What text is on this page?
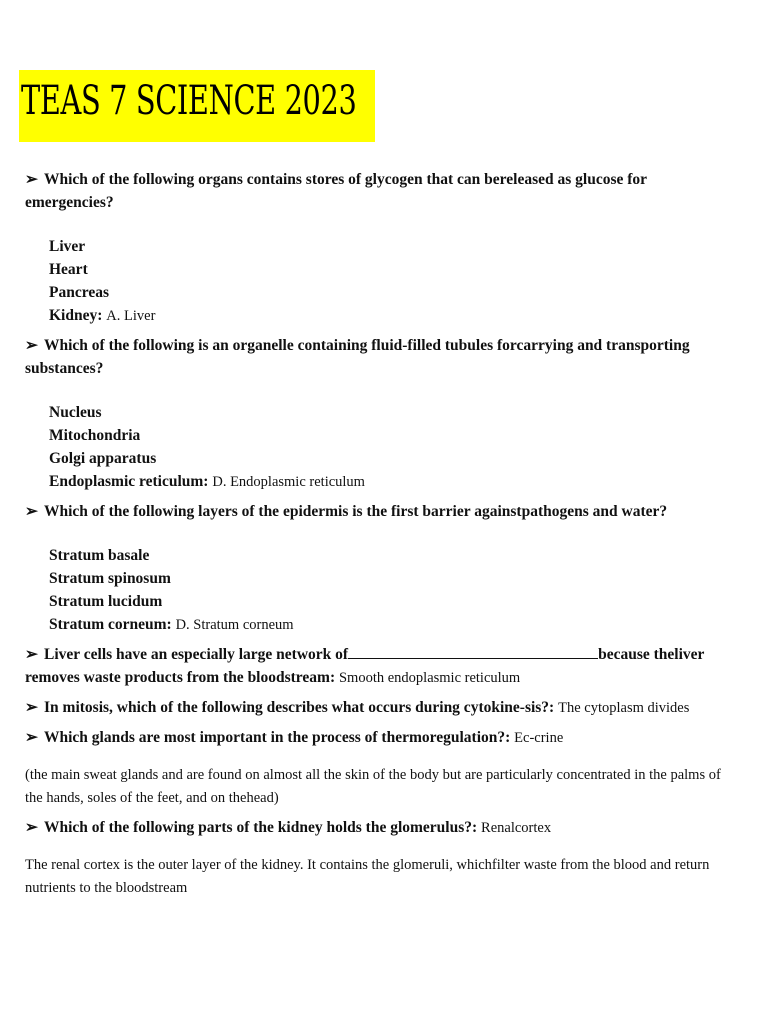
TEAS 7 SCIENCE 2023

➢ Which of the following organs contains stores of glycogen that can bereleased as glucose for emergencies?

Liver
Heart
Pancreas
Kidney: A. Liver

➢ Which of the following is an organelle containing fluid-filled tubules forcarrying and transporting substances?

Nucleus
Mitochondria
Golgi apparatus
Endoplasmic reticulum: D. Endoplasmic reticulum

➢ Which of the following layers of the epidermis is the first barrier againstpathogens and water?

Stratum basale
Stratum spinosum
Stratum lucidum
Stratum corneum: D. Stratum corneum

➢ Liver cells have an especially large network of	because theliver removes waste products from the bloodstream: Smooth endoplasmic reticulum

➢ In mitosis, which of the following describes what occurs during cytokine-sis?: The cytoplasm divides

➢ Which glands are most important in the process of thermoregulation?: Ec-crine

(the main sweat glands and are found on almost all the skin of the body but are particularly concentrated in the palms of the hands, soles of the feet, and on thehead)

➢ Which of the following parts of the kidney holds the glomerulus?: Renalcortex

The renal cortex is the outer layer of the kidney. It contains the glomeruli, whichfilter waste from the blood and return nutrients to the bloodstream
